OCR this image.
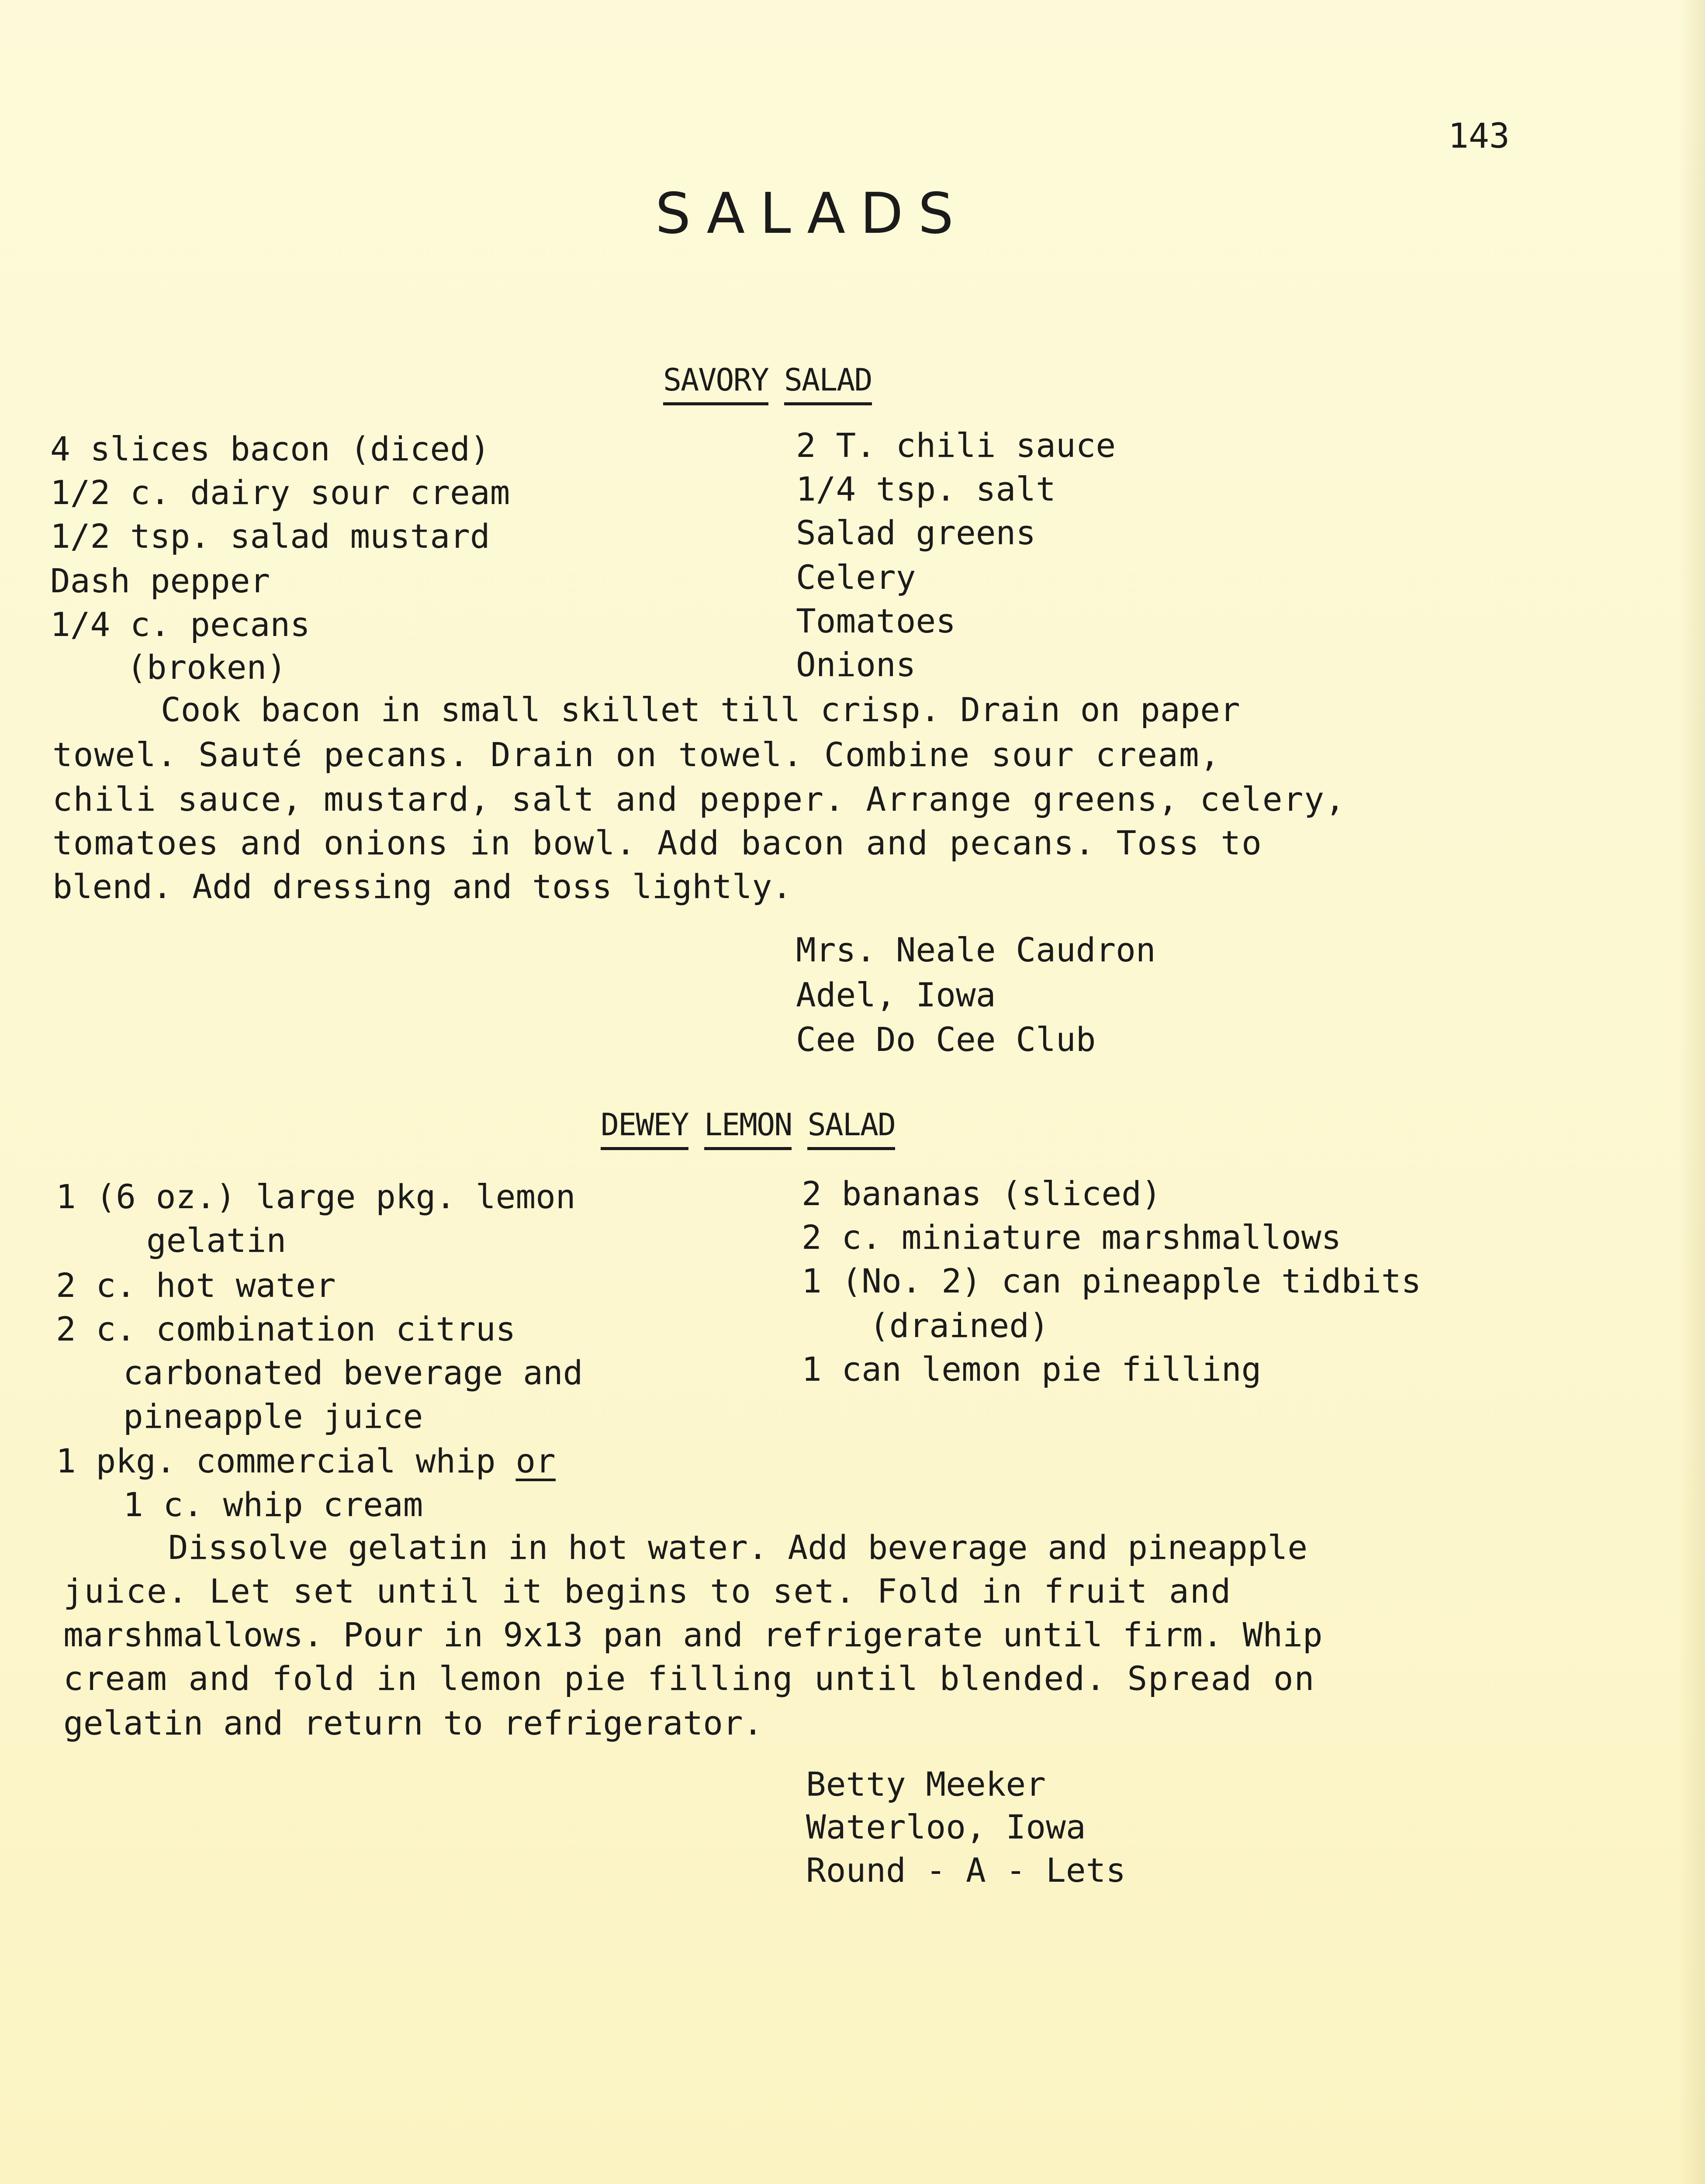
143
SALADS
SAVORY SALAD
4 slices bacon (diced)
1/2 c. dairy sour cream
1/2 tsp. salad mustard
Dash pepper
1/4 c. pecans
(broken)
2 T. chili sauce
1/4 tsp. salt
Salad greens
Celery
Tomatoes
Onions
Cook bacon in small skillet till crisp. Drain on paper
towel. Sauté pecans. Drain on towel. Combine sour cream,
chili sauce, mustard, salt and pepper. Arrange greens, celery,
tomatoes and onions in bowl. Add bacon and pecans. Toss to
blend. Add dressing and toss lightly.
Mrs. Neale Caudron
Adel, Iowa
Cee Do Cee Club
DEWEY LEMON SALAD
1 (6 oz.) large pkg. lemon
gelatin
2 c. hot water
2 c. combination citrus
carbonated beverage and
pineapple juice
1 pkg. commercial whip or
1 c. whip cream
2 bananas (sliced)
2 c. miniature marshmallows
1 (No. 2) can pineapple tidbits
(drained)
1 can lemon pie filling
Dissolve gelatin in hot water. Add beverage and pineapple
juice. Let set until it begins to set. Fold in fruit and
marshmallows. Pour in 9x13 pan and refrigerate until firm. Whip
cream and fold in lemon pie filling until blended. Spread on
gelatin and return to refrigerator.
Betty Meeker
Waterloo, Iowa
Round - A - Lets
